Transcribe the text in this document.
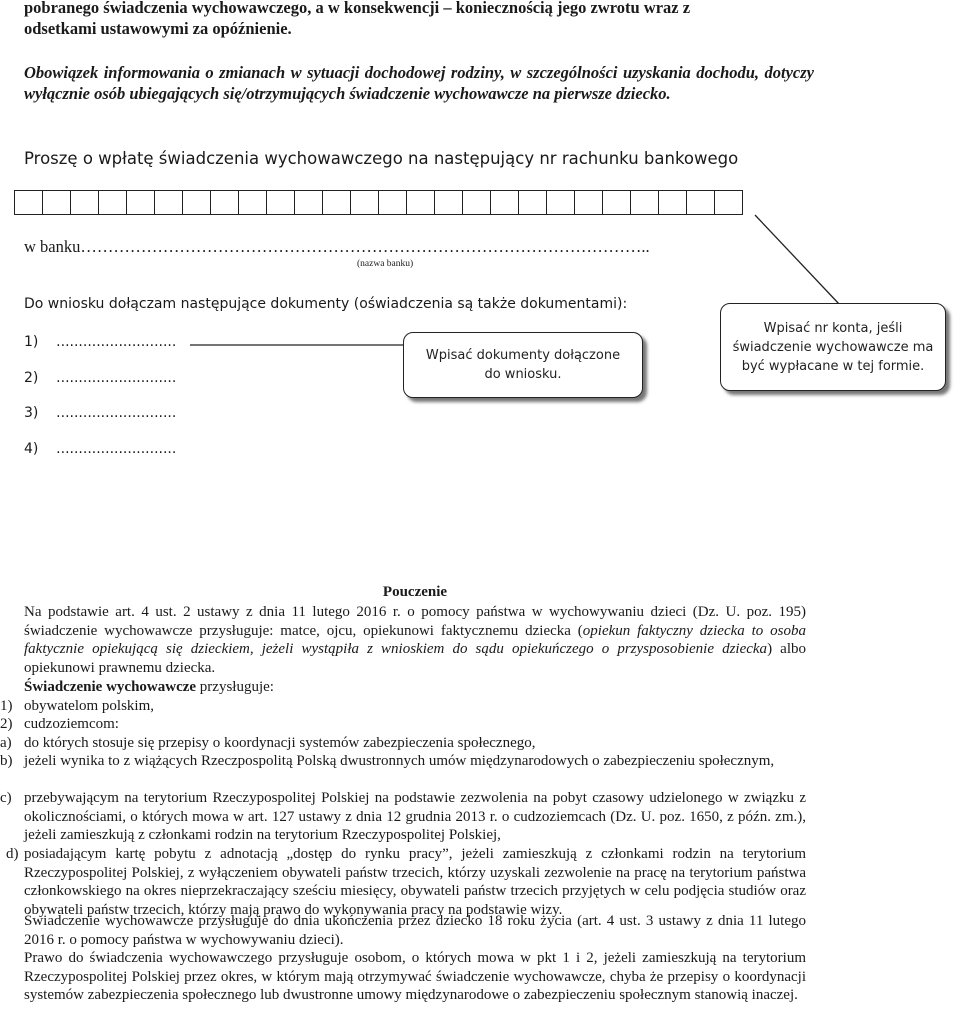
pobranego świadczenia wychowawczego, a w konsekwencji – koniecznością jego zwrotu wraz z
odsetkami ustawowymi za opóźnienie.
Obowiązek informowania o zmianach w sytuacji dochodowej rodziny, w szczególności uzyskania dochodu, dotyczy wyłącznie osób ubiegających się/otrzymujących świadczenie wychowawcze na pierwsze dziecko.
Proszę o wpłatę świadczenia wychowawczego na następujący nr rachunku bankowego
w banku…………………………………………………………………………………………..
(nazwa banku)
Do wniosku dołączam następujące dokumenty (oświadczenia są także dokumentami):
1)    ...........................
2)    ...........................
3)    ...........................
4)    ...........................
Wpisać dokumenty dołączone do wniosku.
Wpisać nr konta, jeśli świadczenie wychowawcze ma być wypłacane w tej formie.
Pouczenie
Na podstawie art. 4 ust. 2 ustawy z dnia 11 lutego 2016 r. o pomocy państwa w wychowywaniu dzieci (Dz. U. poz. 195) świadczenie wychowawcze przysługuje: matce, ojcu, opiekunowi faktycznemu dziecka (opiekun faktyczny dziecka to osoba faktycznie opiekującą się dzieckiem, jeżeli wystąpiła z wnioskiem do sądu opiekuńczego o przysposobienie dziecka) albo opiekunowi prawnemu dziecka.
Świadczenie wychowawcze przysługuje:
1) obywatelom polskim,
2) cudzoziemcom:
a) do których stosuje się przepisy o koordynacji systemów zabezpieczenia społecznego,
b) jeżeli wynika to z wiążących Rzeczpospolitą Polską dwustronnych umów międzynarodowych o zabezpieczeniu społecznym,
c) przebywającym na terytorium Rzeczypospolitej Polskiej na podstawie zezwolenia na pobyt czasowy udzielonego w związku z okolicznościami, o których mowa w art. 127 ustawy z dnia 12 grudnia 2013 r. o cudzoziemcach (Dz. U. poz. 1650, z późn. zm.), jeżeli zamieszkują z członkami rodzin na terytorium Rzeczypospolitej Polskiej,
d) posiadającym kartę pobytu z adnotacją „dostęp do rynku pracy”, jeżeli zamieszkują z członkami rodzin na terytorium Rzeczypospolitej Polskiej, z wyłączeniem obywateli państw trzecich, którzy uzyskali zezwolenie na pracę na terytorium państwa członkowskiego na okres nieprzekraczający sześciu miesięcy, obywateli państw trzecich przyjętych w celu podjęcia studiów oraz obywateli państw trzecich, którzy mają prawo do wykonywania pracy na podstawie wizy.
Świadczenie wychowawcze przysługuje do dnia ukończenia przez dziecko 18 roku życia (art. 4 ust. 3 ustawy z dnia 11 lutego 2016 r. o pomocy państwa w wychowywaniu dzieci).
Prawo do świadczenia wychowawczego przysługuje osobom, o których mowa w pkt 1 i 2, jeżeli zamieszkują na terytorium Rzeczypospolitej Polskiej przez okres, w którym mają otrzymywać świadczenie wychowawcze, chyba że przepisy o koordynacji systemów zabezpieczenia społecznego lub dwustronne umowy międzynarodowe o zabezpieczeniu społecznym stanowią inaczej.
